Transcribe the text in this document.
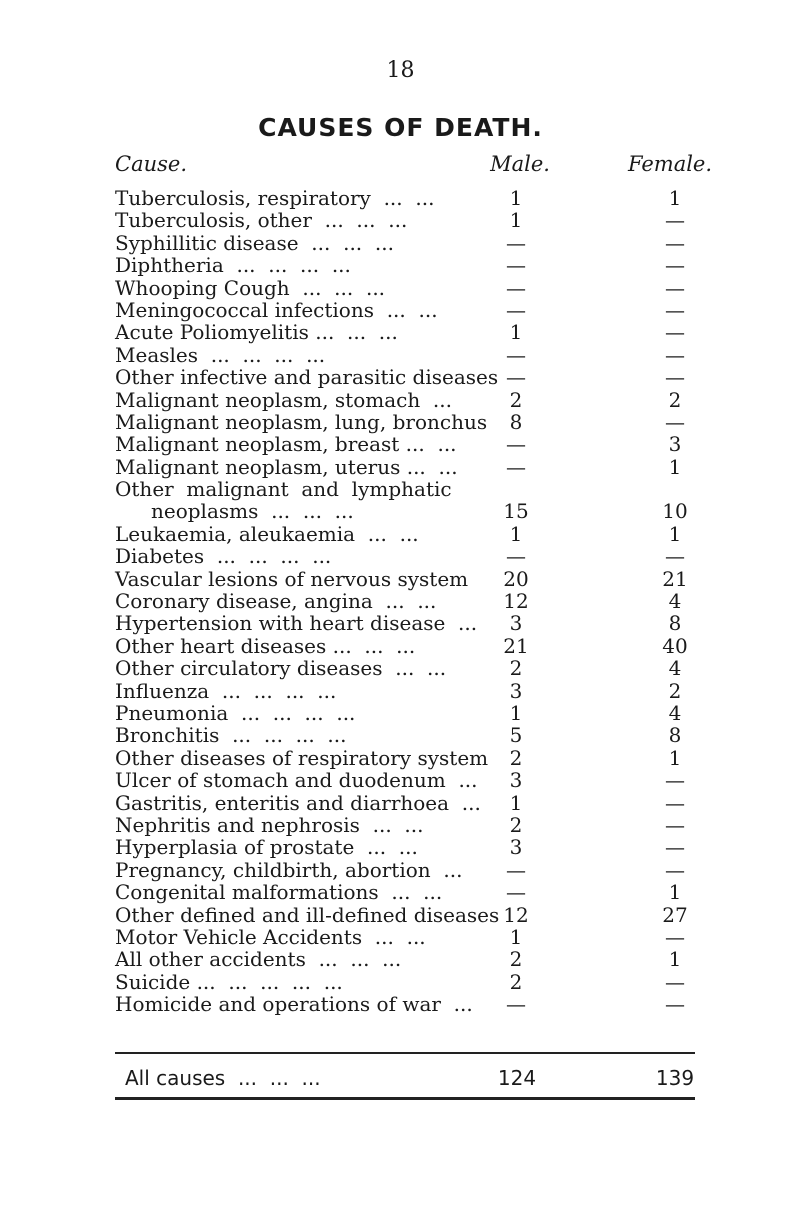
18
CAUSES OF DEATH.
Cause.	Male.	Female.
Tuberculosis, respiratory  ...  ...	1	1
Tuberculosis, other  ...  ...  ...	1	—
Syphillitic disease  ...  ...  ...	—	—
Diphtheria  ...  ...  ...  ...	—	—
Whooping Cough  ...  ...  ...	—	—
Meningococcal infections  ...  ...	—	—
Acute Poliomyelitis ...  ...  ...	1	—
Measles  ...  ...  ...  ...	—	—
Other infective and parasitic diseases —	—
Malignant neoplasm, stomach  ...	2	2
Malignant neoplasm, lung, bronchus	8	—
Malignant neoplasm, breast ...  ...	—	3
Malignant neoplasm, uterus ...  ...	—	1
Other  malignant  and  lymphatic
neoplasms  ...  ...  ...	15	10
Leukaemia, aleukaemia  ...  ...	1	1
Diabetes  ...  ...  ...  ...	—	—
Vascular lesions of nervous system	20	21
Coronary disease, angina  ...  ...	12	4
Hypertension with heart disease  ...	3	8
Other heart diseases ...  ...  ...	21	40
Other circulatory diseases  ...  ...	2	4
Influenza  ...  ...  ...  ...	3	2
Pneumonia  ...  ...  ...  ...	1	4
Bronchitis  ...  ...  ...  ...	5	8
Other diseases of respiratory system	2	1
Ulcer of stomach and duodenum  ...	3	—
Gastritis, enteritis and diarrhoea  ...	1	—
Nephritis and nephrosis  ...  ...	2	—
Hyperplasia of prostate  ...  ...	3	—
Pregnancy, childbirth, abortion  ...	—	—
Congenital malformations  ...  ...	—	1
Other defined and ill-defined diseases 12	27
Motor Vehicle Accidents  ...  ...	1	—
All other accidents  ...  ...  ...	2	1
Suicide ...  ...  ...  ...  ...	2	—
Homicide and operations of war  ...	—	—
All causes  ...  ...  ...	124	139
